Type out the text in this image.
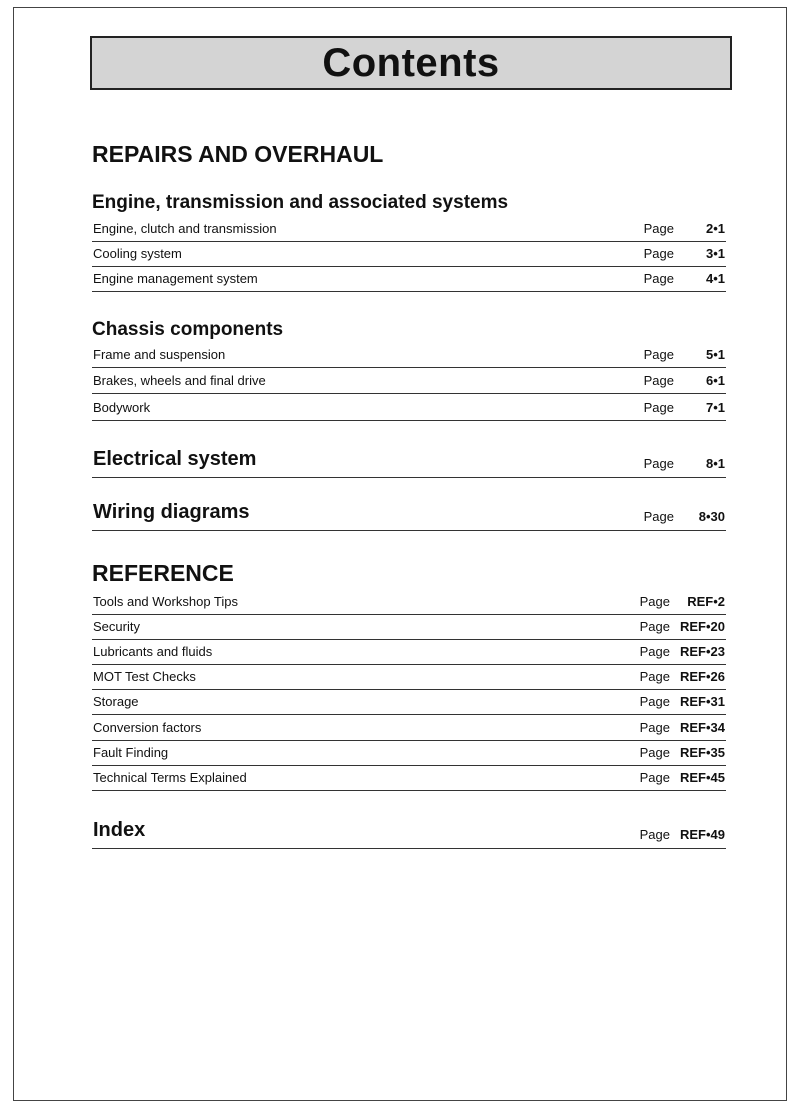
Contents
REPAIRS AND OVERHAUL
Engine, transmission and associated systems
Engine, clutch and transmission	Page 2•1
Cooling system	Page 3•1
Engine management system	Page 4•1
Chassis components
Frame and suspension	Page 5•1
Brakes, wheels and final drive	Page 6•1
Bodywork	Page 7•1
Electrical system	Page 8•1
Wiring diagrams	Page 8•30
REFERENCE
Tools and Workshop Tips	Page REF•2
Security	Page REF•20
Lubricants and fluids	Page REF•23
MOT Test Checks	Page REF•26
Storage	Page REF•31
Conversion factors	Page REF•34
Fault Finding	Page REF•35
Technical Terms Explained	Page REF•45
Index	Page REF•49
